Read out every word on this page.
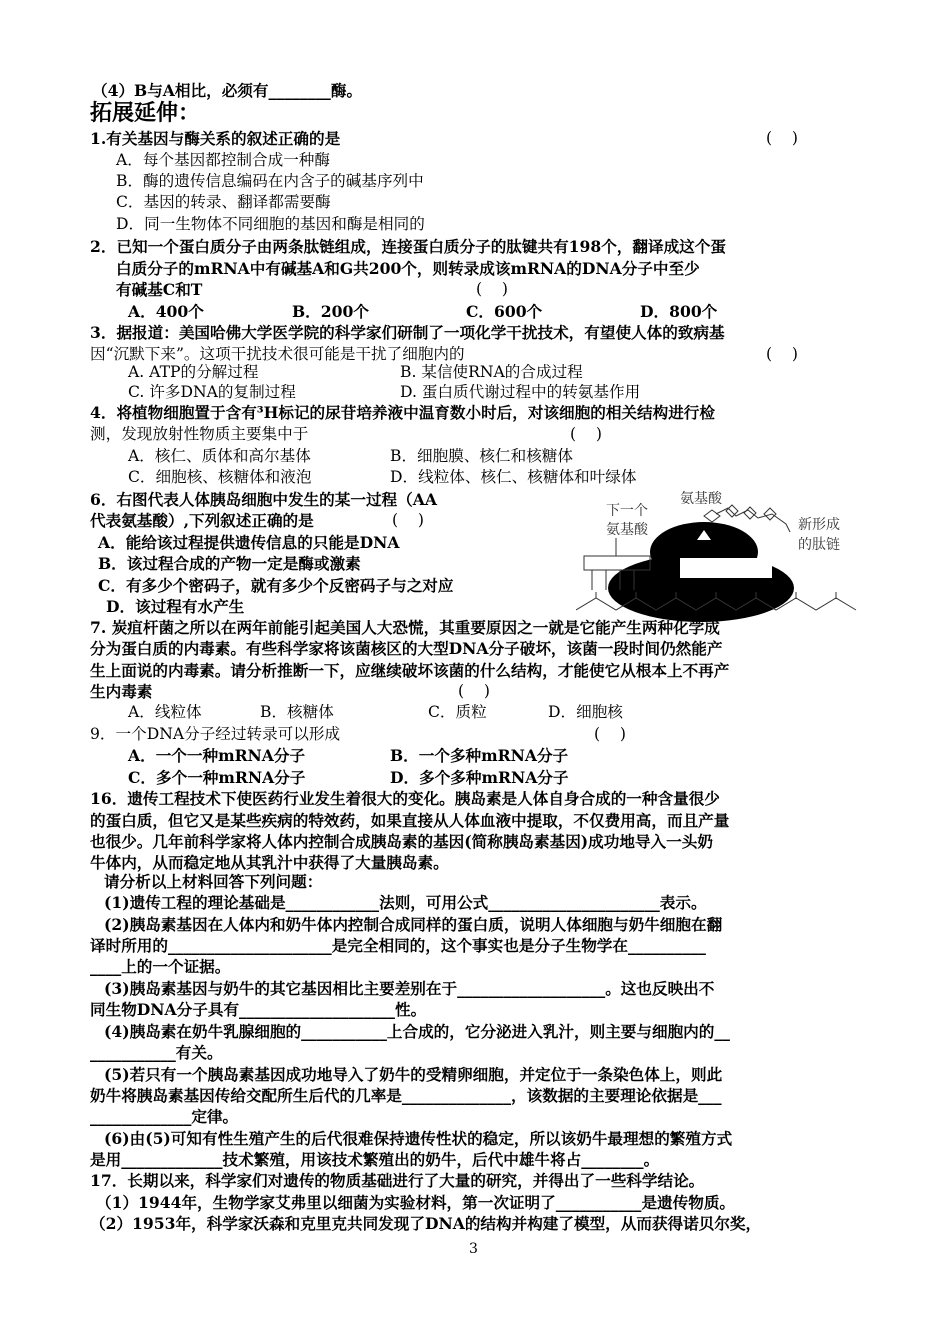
（4）B与A相比，必须有________酶。
拓展延伸：
1.有关基因与酶关系的叙述正确的是	(    )
A．每个基因都控制合成一种酶
B．酶的遗传信息编码在内含子的碱基序列中
C．基因的转录、翻译都需要酶
D．同一生物体不同细胞的基因和酶是相同的
2．已知一个蛋白质分子由两条肽链组成，连接蛋白质分子的肽键共有198个，翻译成这个蛋
白质分子的mRNA中有碱基A和G共200个，则转录成该mRNA的DNA分子中至少
有碱基C和T	(    )
A．400个	B．200个	C．600个	D．800个
3．据报道：美国哈佛大学医学院的科学家们研制了一项化学干扰技术，有望使人体的致病基
因“沉默下来”。这项干扰技术很可能是干扰了细胞内的	(    )
A. ATP的分解过程	B. 某信使RNA的合成过程
C. 许多DNA的复制过程	D. 蛋白质代谢过程中的转氨基作用
4．将植物细胞置于含有³H标记的尿苷培养液中温育数小时后，对该细胞的相关结构进行检
测，发现放射性物质主要集中于	(    )
A．核仁、质体和高尔基体	B．细胞膜、核仁和核糖体
C．细胞核、核糖体和液泡	D．线粒体、核仁、核糖体和叶绿体
6．右图代表人体胰岛细胞中发生的某一过程（AA
代表氨基酸）,下列叙述正确的是	(    )
A．能给该过程提供遗传信息的只能是DNA
B．该过程合成的产物一定是酶或激素
C．有多少个密码子，就有多少个反密码子与之对应
D．该过程有水产生
氨基酸
下一个
氨基酸	新形成
的肽链
7. 炭疽杆菌之所以在两年前能引起美国人大恐慌，其重要原因之一就是它能产生两种化学成
分为蛋白质的内毒素。有些科学家将该菌核区的大型DNA分子破坏，该菌一段时间仍然能产
生上面说的内毒素。请分析推断一下，应继续破坏该菌的什么结构，才能使它从根本上不再产
生内毒素	(    )
A．线粒体	B．核糖体	C．质粒	D．细胞核
9．一个DNA分子经过转录可以形成	(    )
A．一个一种mRNA分子	B．一个多种mRNA分子
C．多个一种mRNA分子	D．多个多种mRNA分子
16．遗传工程技术下使医药行业发生着很大的变化。胰岛素是人体自身合成的一种含量很少
的蛋白质，但它又是某些疾病的特效药，如果直接从人体血液中提取，不仅费用高，而且产量
也很少。几年前科学家将人体内控制合成胰岛素的基因(简称胰岛素基因)成功地导入一头奶
牛体内，从而稳定地从其乳汁中获得了大量胰岛素。
请分析以上材料回答下列问题：
(1)遗传工程的理论基础是____________法则，可用公式______________________表示。
(2)胰岛素基因在人体内和奶牛体内控制合成同样的蛋白质，说明人体细胞与奶牛细胞在翻
译时所用的_____________________是完全相同的，这个事实也是分子生物学在__________
____上的一个证据。
(3)胰岛素基因与奶牛的其它基因相比主要差别在于___________________。这也反映出不
同生物DNA分子具有____________________性。
(4)胰岛素在奶牛乳腺细胞的___________上合成的，它分泌进入乳汁，则主要与细胞内的__
___________有关。
(5)若只有一个胰岛素基因成功地导入了奶牛的受精卵细胞，并定位于一条染色体上，则此
奶牛将胰岛素基因传给交配所生后代的几率是______________，该数据的主要理论依据是___
_____________定律。
(6)由(5)可知有性生殖产生的后代很难保持遗传性状的稳定，所以该奶牛最理想的繁殖方式
是用_____________技术繁殖，用该技术繁殖出的奶牛，后代中雄牛将占________。
17．长期以来，科学家们对遗传的物质基础进行了大量的研究，并得出了一些科学结论。
（1）1944年，生物学家艾弗里以细菌为实验材料，第一次证明了___________是遗传物质。
（2）1953年，科学家沃森和克里克共同发现了DNA的结构并构建了模型，从而获得诺贝尔奖，
3
